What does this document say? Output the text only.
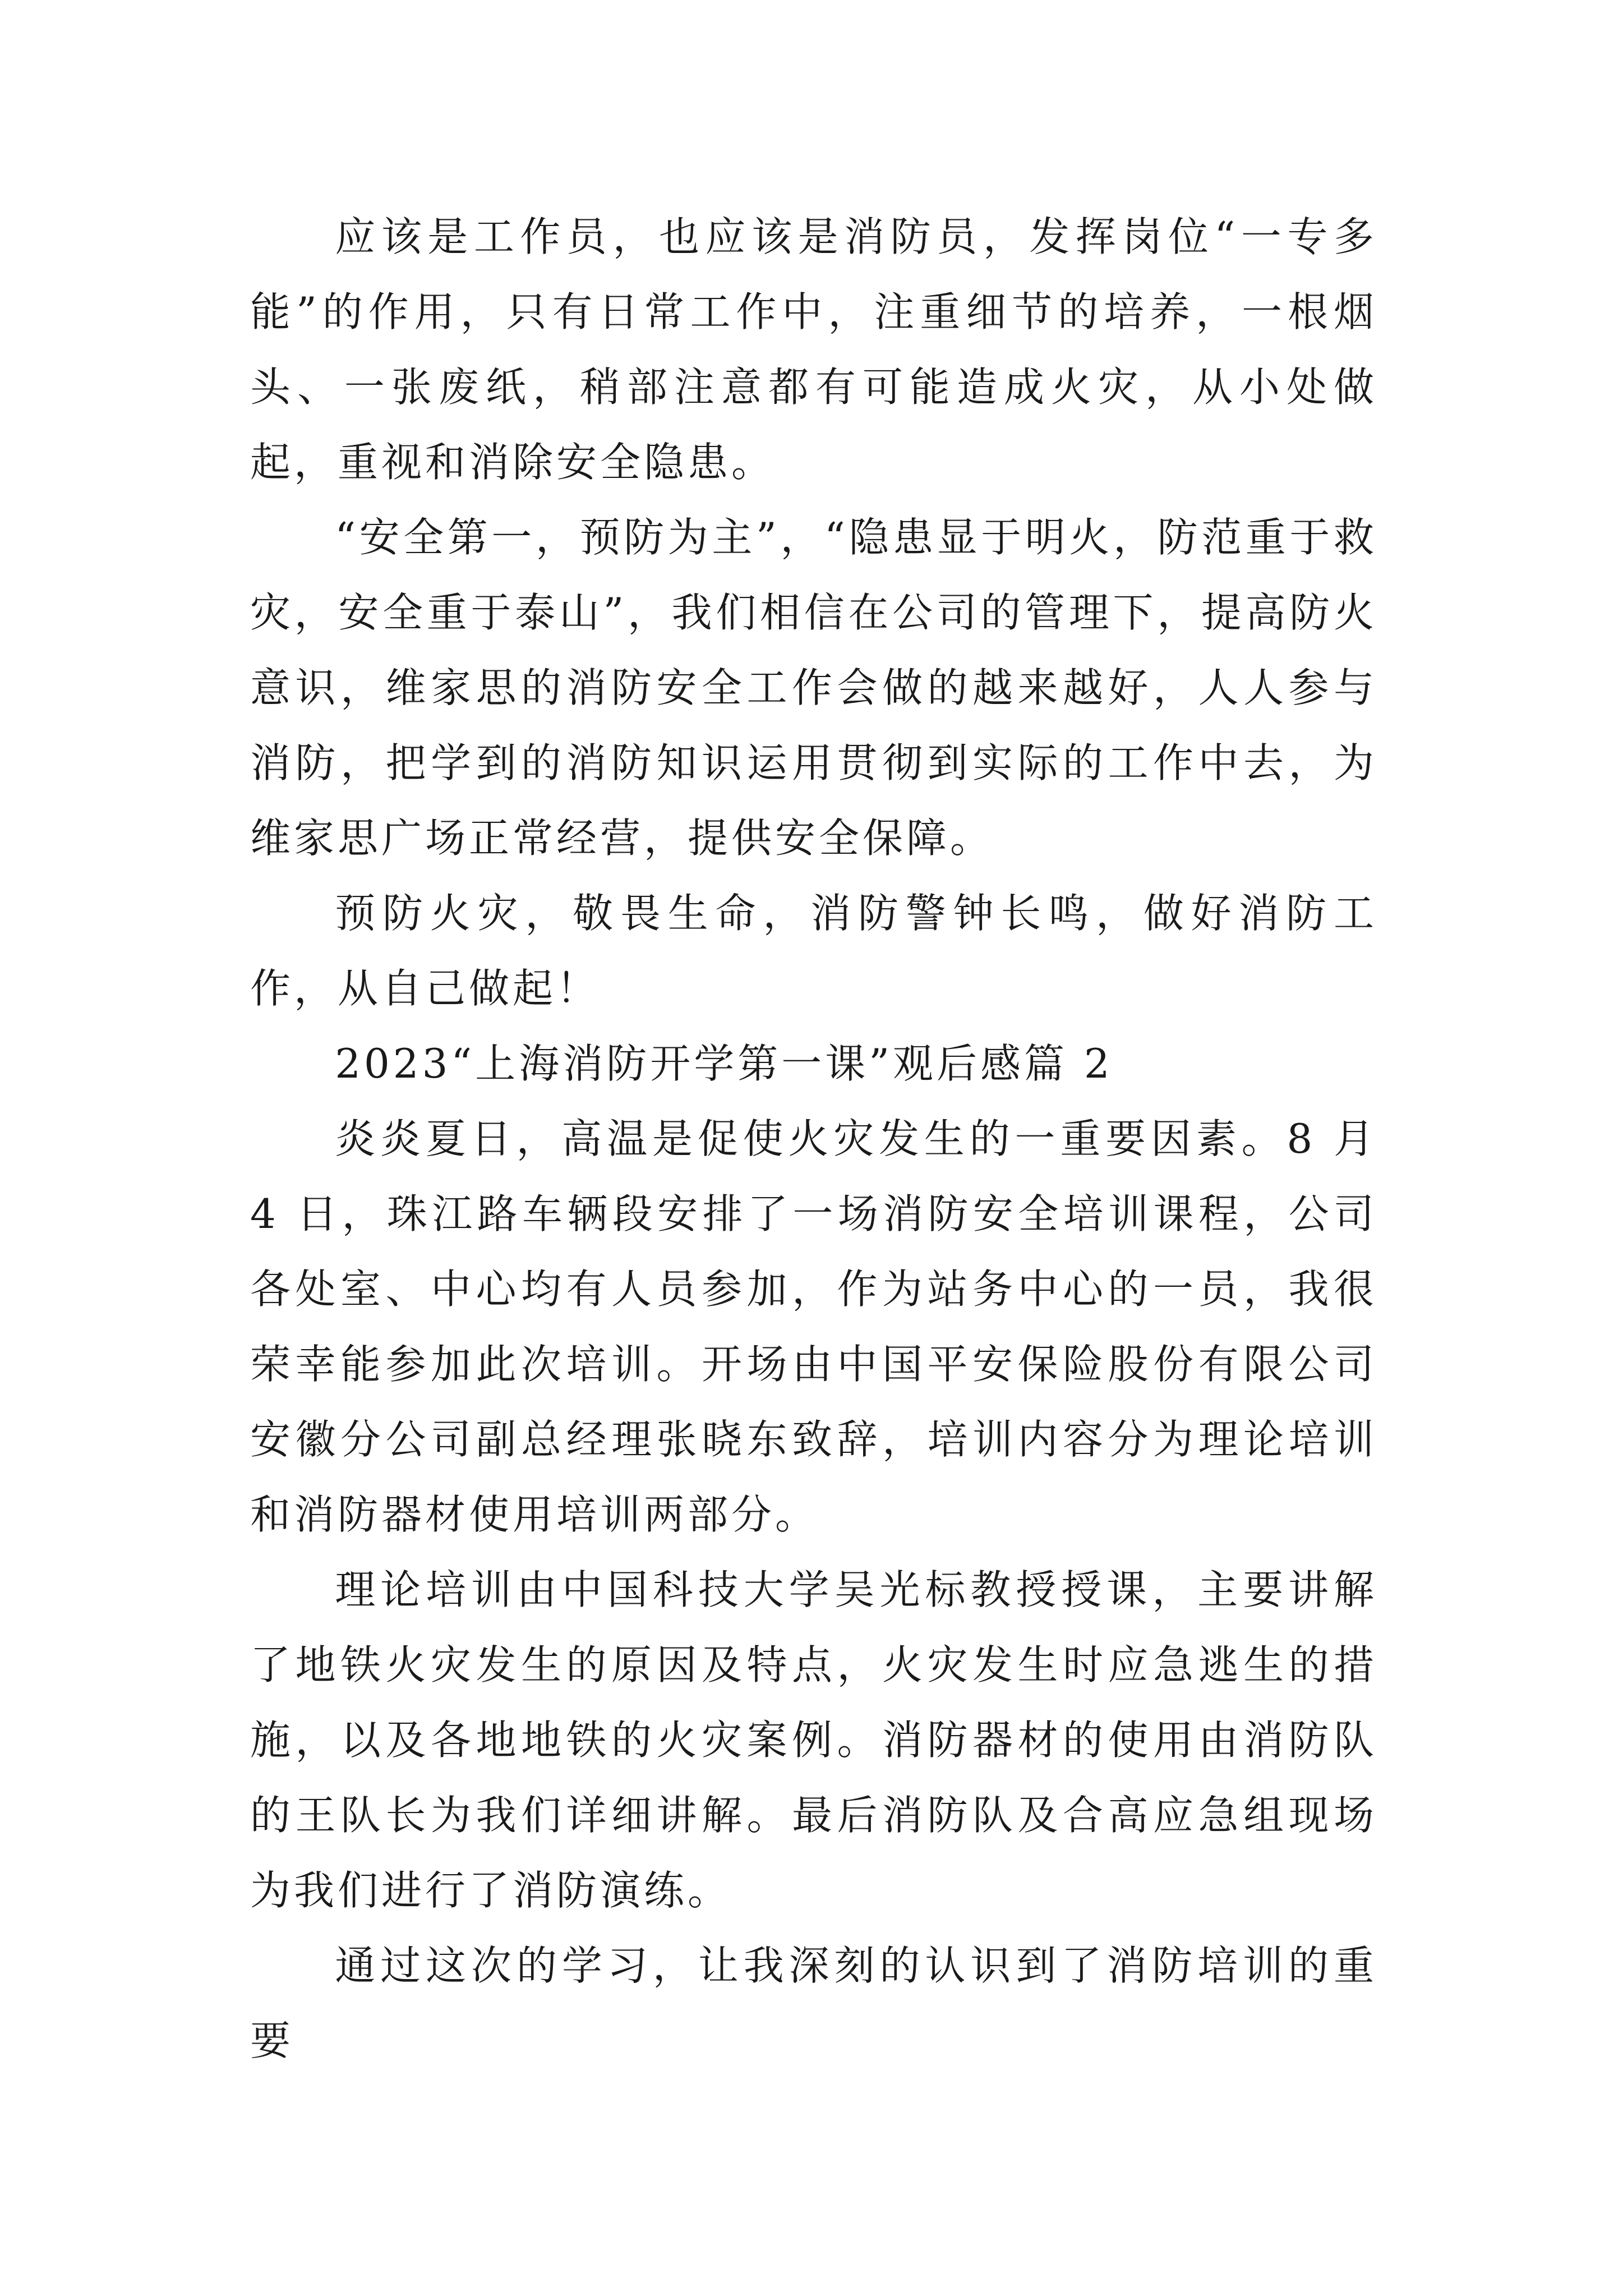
应该是工作员，也应该是消防员，发挥岗位“一专多能”的作用，只有日常工作中，注重细节的培养，一根烟头、一张废纸，稍部注意都有可能造成火灾，从小处做起，重视和消除安全隐患。

“安全第一，预防为主”，“隐患显于明火，防范重于救灾，安全重于泰山”，我们相信在公司的管理下，提高防火意识，维家思的消防安全工作会做的越来越好，人人参与消防，把学到的消防知识运用贯彻到实际的工作中去，为维家思广场正常经营，提供安全保障。

预防火灾，敬畏生命，消防警钟长鸣，做好消防工作，从自己做起！

2023“上海消防开学第一课”观后感篇 2

炎炎夏日，高温是促使火灾发生的一重要因素。8 月 4 日，珠江路车辆段安排了一场消防安全培训课程，公司各处室、中心均有人员参加，作为站务中心的一员，我很荣幸能参加此次培训。开场由中国平安保险股份有限公司安徽分公司副总经理张晓东致辞，培训内容分为理论培训和消防器材使用培训两部分。

理论培训由中国科技大学吴光标教授授课，主要讲解了地铁火灾发生的原因及特点，火灾发生时应急逃生的措施，以及各地地铁的火灾案例。消防器材的使用由消防队的王队长为我们详细讲解。最后消防队及合高应急组现场为我们进行了消防演练。

通过这次的学习，让我深刻的认识到了消防培训的重要
